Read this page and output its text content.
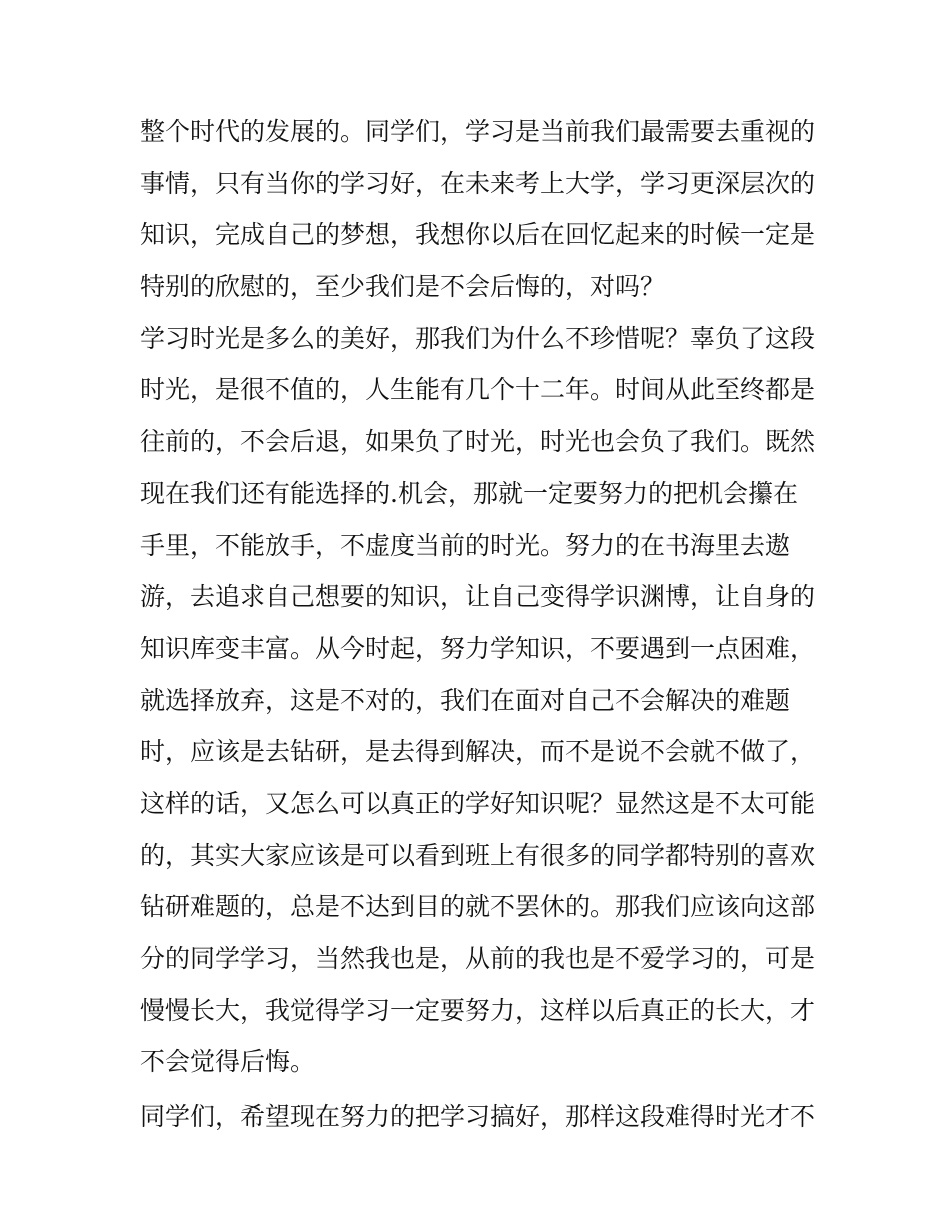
整个时代的发展的。同学们，学习是当前我们最需要去重视的
事情，只有当你的学习好，在未来考上大学，学习更深层次的
知识，完成自己的梦想，我想你以后在回忆起来的时候一定是
特别的欣慰的，至少我们是不会后悔的，对吗？
学习时光是多么的美好，那我们为什么不珍惜呢？辜负了这段
时光，是很不值的，人生能有几个十二年。时间从此至终都是
往前的，不会后退，如果负了时光，时光也会负了我们。既然
现在我们还有能选择的.机会，那就一定要努力的把机会攥在
手里，不能放手，不虚度当前的时光。努力的在书海里去遨
游，去追求自己想要的知识，让自己变得学识渊博，让自身的
知识库变丰富。从今时起，努力学知识，不要遇到一点困难，
就选择放弃，这是不对的，我们在面对自己不会解决的难题
时，应该是去钻研，是去得到解决，而不是说不会就不做了，
这样的话，又怎么可以真正的学好知识呢？显然这是不太可能
的，其实大家应该是可以看到班上有很多的同学都特别的喜欢
钻研难题的，总是不达到目的就不罢休的。那我们应该向这部
分的同学学习，当然我也是，从前的我也是不爱学习的，可是
慢慢长大，我觉得学习一定要努力，这样以后真正的长大，才
不会觉得后悔。
同学们，希望现在努力的把学习搞好，那样这段难得时光才不
